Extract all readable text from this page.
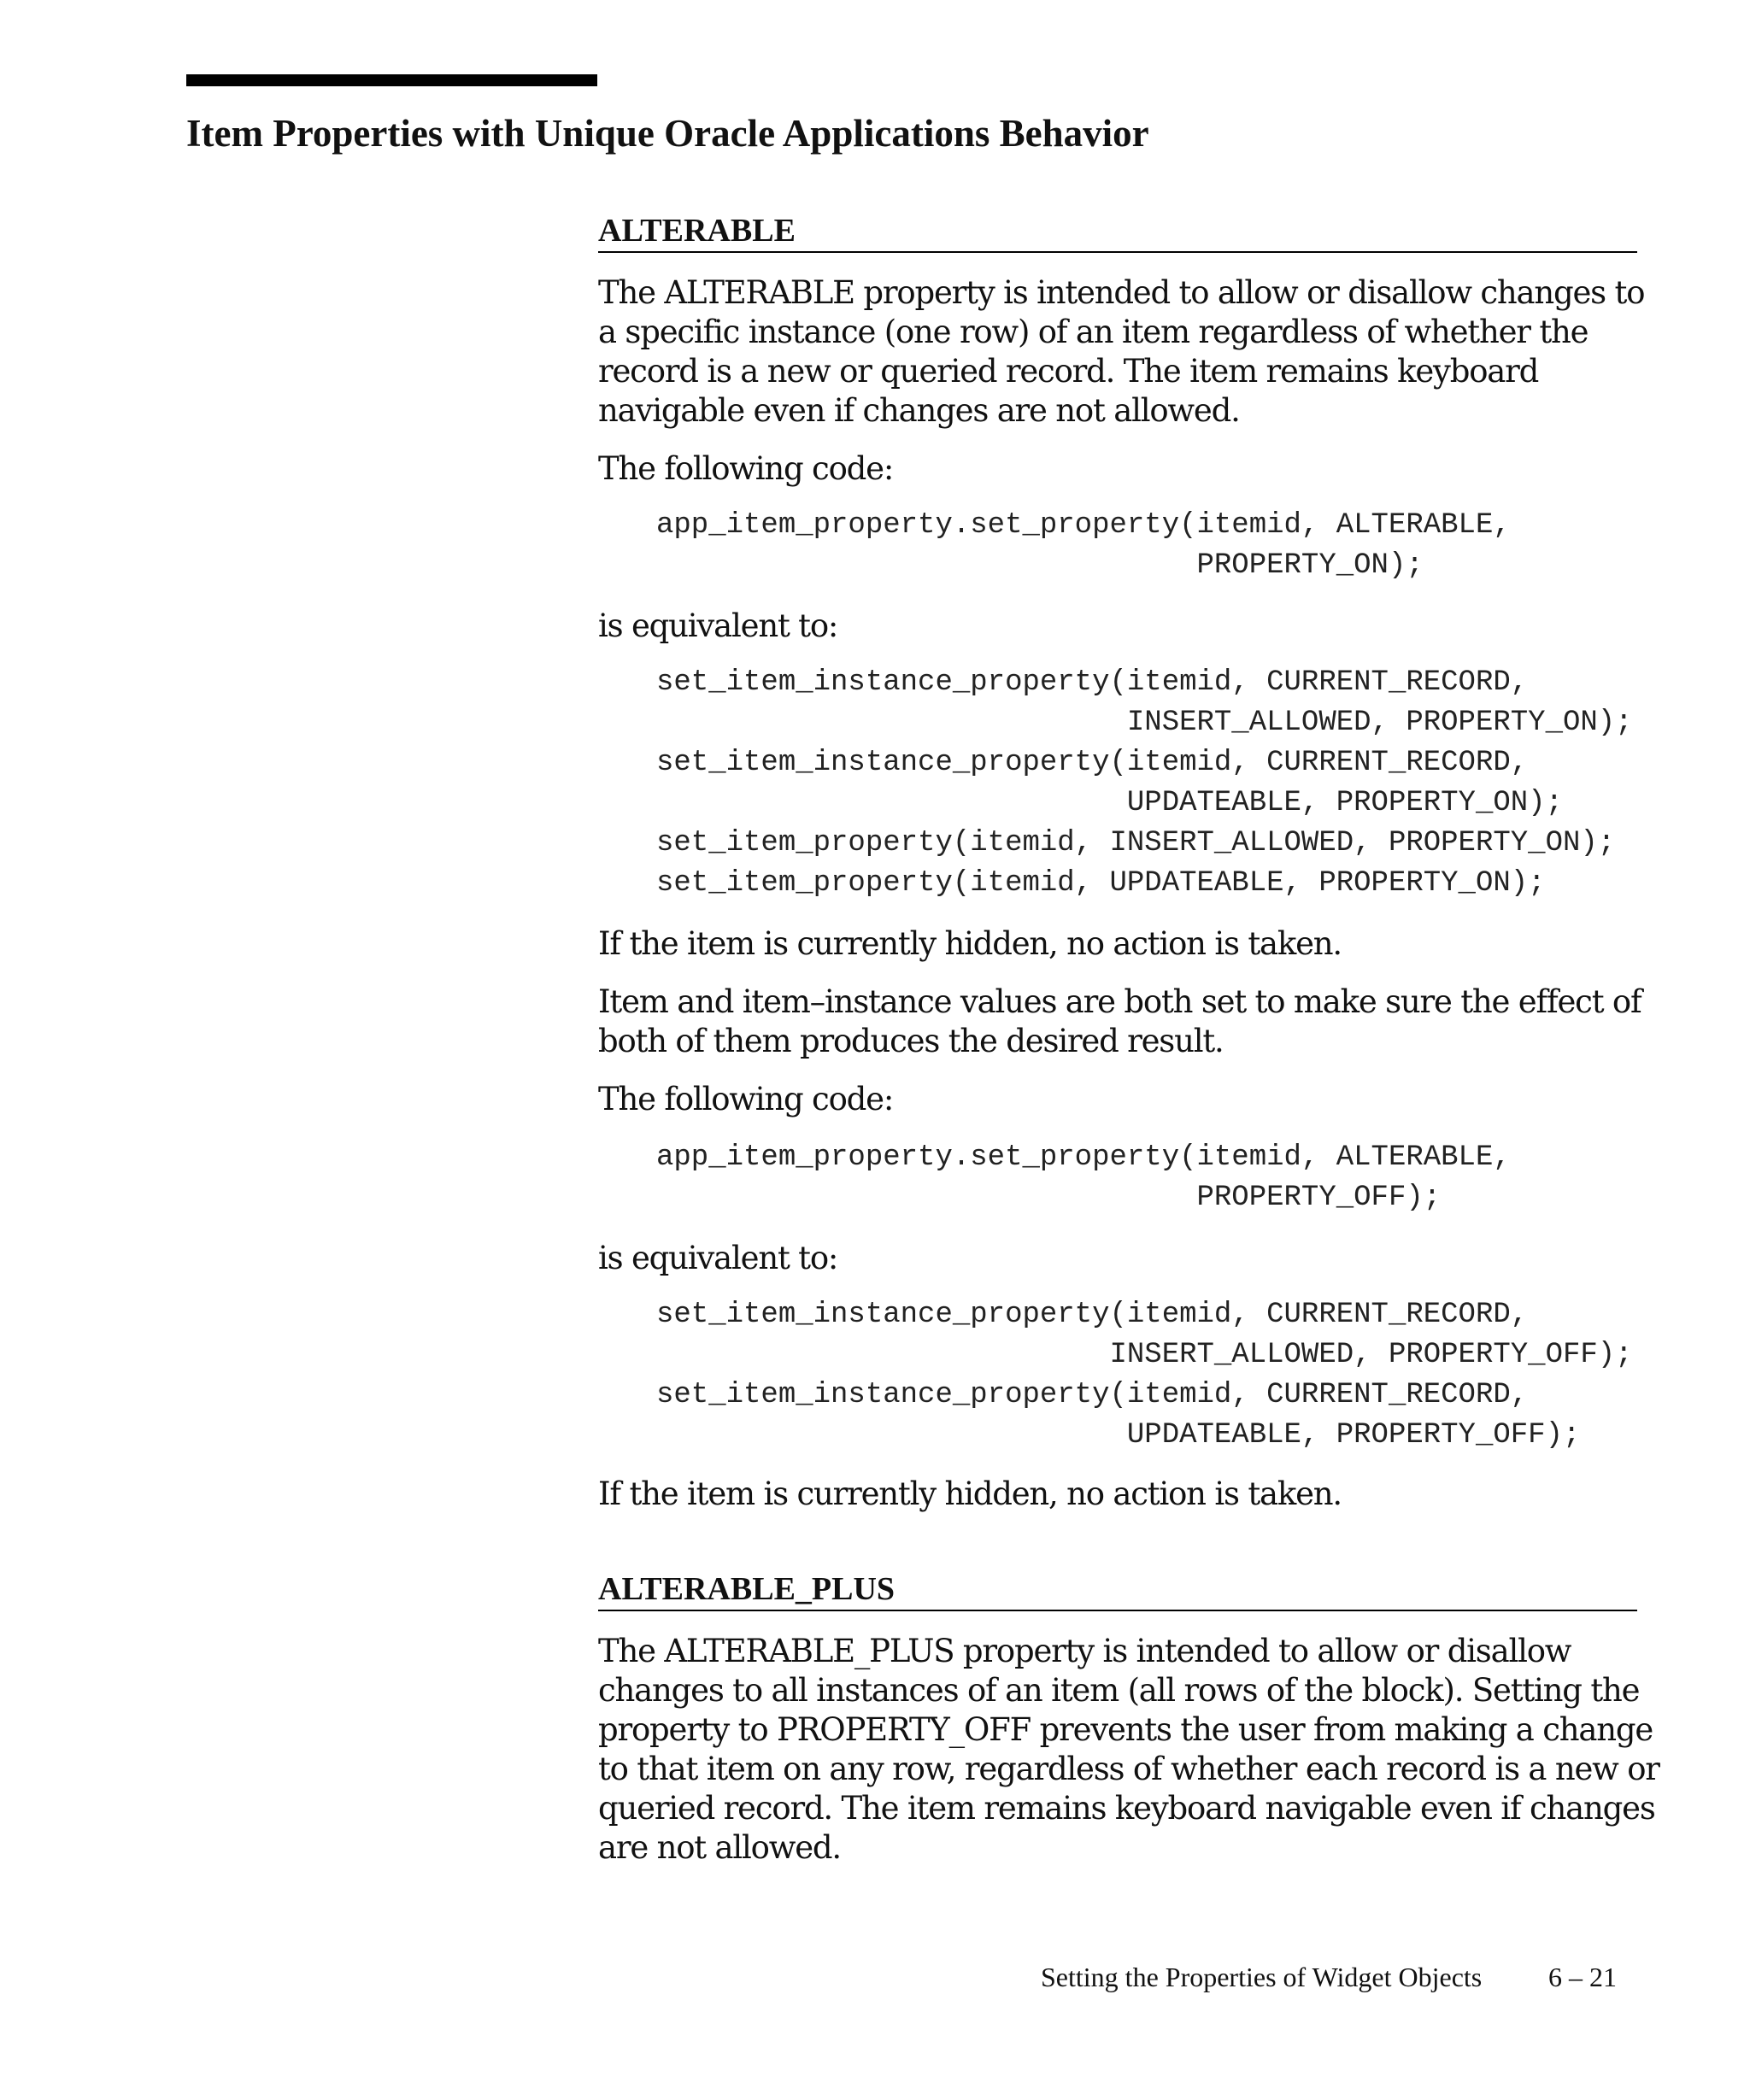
Item Properties with Unique Oracle Applications Behavior
ALTERABLE

The ALTERABLE property is intended to allow or disallow changes to
a specific instance (one row) of an item regardless of whether the
record is a new or queried record. The item remains keyboard
navigable even if changes are not allowed.

The following code:

app_item_property.set_property(itemid, ALTERABLE,
PROPERTY_ON);

is equivalent to:

set_item_instance_property(itemid, CURRENT_RECORD,
INSERT_ALLOWED, PROPERTY_ON);
set_item_instance_property(itemid, CURRENT_RECORD,
UPDATEABLE, PROPERTY_ON);
set_item_property(itemid, INSERT_ALLOWED, PROPERTY_ON);
set_item_property(itemid, UPDATEABLE, PROPERTY_ON);

If the item is currently hidden, no action is taken.

Item and item–instance values are both set to make sure the effect of
both of them produces the desired result.

The following code:

app_item_property.set_property(itemid, ALTERABLE,
PROPERTY_OFF);

is equivalent to:

set_item_instance_property(itemid, CURRENT_RECORD,
INSERT_ALLOWED, PROPERTY_OFF);
set_item_instance_property(itemid, CURRENT_RECORD,
UPDATEABLE, PROPERTY_OFF);

If the item is currently hidden, no action is taken.

ALTERABLE_PLUS

The ALTERABLE_PLUS property is intended to allow or disallow
changes to all instances of an item (all rows of the block). Setting the
property to PROPERTY_OFF prevents the user from making a change
to that item on any row, regardless of whether each record is a new or
queried record. The item remains keyboard navigable even if changes
are not allowed.

Setting the Properties of Widget Objects 6 – 21
